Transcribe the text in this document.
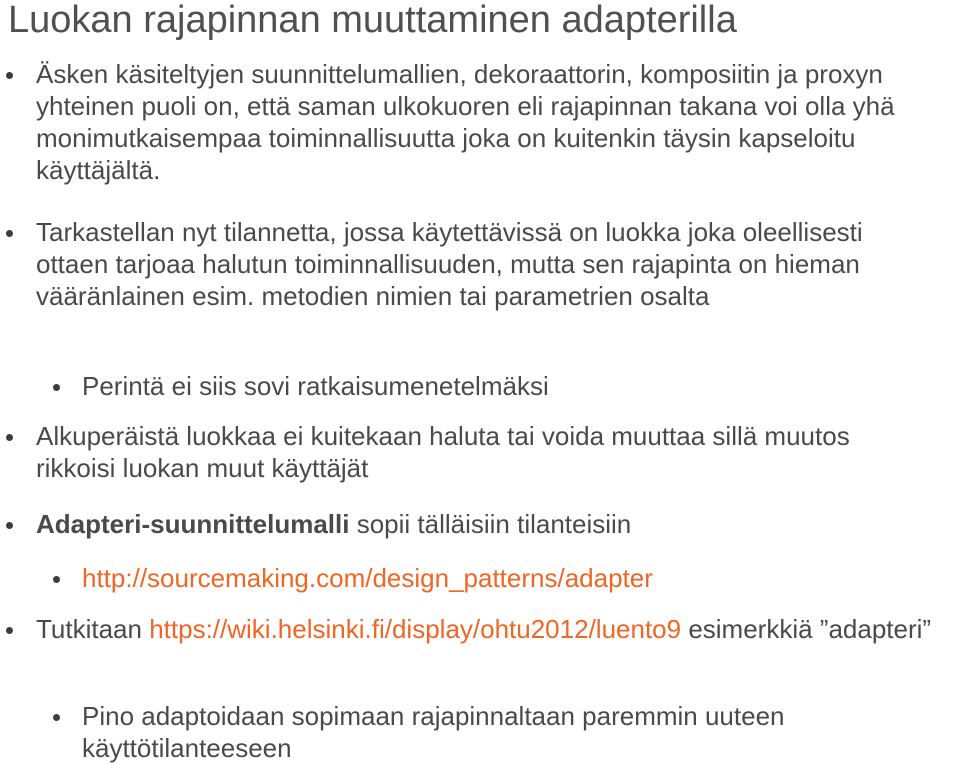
Luokan rajapinnan muuttaminen adapterilla
Äsken käsiteltyjen suunnittelumallien, dekoraattorin, komposiitin ja proxyn yhteinen puoli on, että saman ulkokuoren eli rajapinnan takana voi olla yhä monimutkaisempaa toiminnallisuutta joka on kuitenkin täysin kapseloitu käyttäjältä.
Tarkastellan nyt tilannetta, jossa käytettävissä on luokka joka oleellisesti ottaen tarjoaa halutun toiminnallisuuden, mutta sen rajapinta on hieman vääränlainen esim. metodien nimien tai parametrien osalta
Perintä ei siis sovi ratkaisumenetelmäksi
Alkuperäistä luokkaa ei kuitekaan haluta tai voida muuttaa sillä muutos rikkoisi luokan muut käyttäjät
Adapteri-suunnittelumalli sopii tälläisiin tilanteisiin
http://sourcemaking.com/design_patterns/adapter
Tutkitaan https://wiki.helsinki.fi/display/ohtu2012/luento9 esimerkkiä ”adapteri”
Pino adaptoidaan sopimaan rajapinnaltaan paremmin uuteen käyttötilanteeseen
